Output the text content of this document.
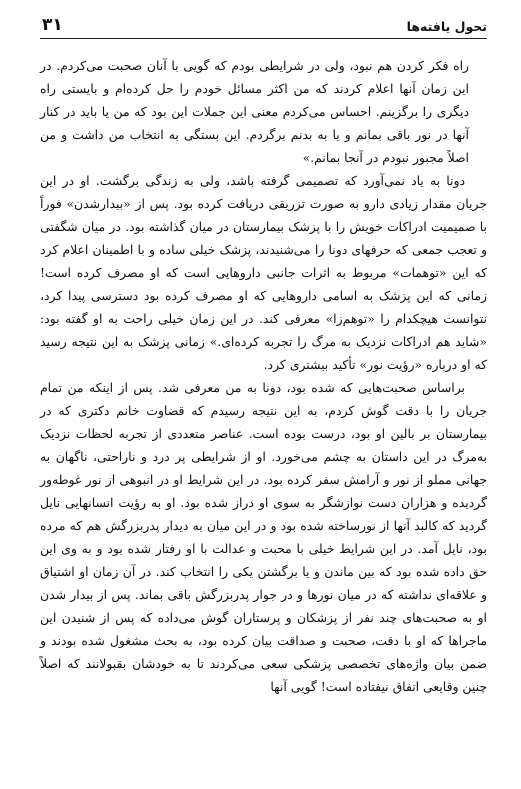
تحول یافته‌ها
۳۱

راه فکر کردن هم نبود، ولی در شرایطی بودم که گویی با آنان صحبت می‌کردم. در این زمان آنها اعلام کردند که من اکثر مسائل خودم را حل کرده‌ام و بایستی راه دیگری را برگزینم. احساس می‌کردم معنی این جملات این بود که من یا باید در کنار آنها در نور باقی بمانم و یا به بدنم برگردم. این بستگی به انتخاب من داشت و من اصلاً مجبور نبودم در آنجا بمانم.»

دونا به یاد نمی‌آورد که تصمیمی گرفته باشد، ولی به زندگی برگشت. او در این جریان مقدار زیادی دارو به صورت تزریقی دریافت کرده بود. پس از «بیدارشدن» فوراً با صمیمیت ادراکات خویش را با پزشک بیمارستان در میان گذاشته بود. در میان شگفتی و تعجب جمعی که حرفهای دونا را می‌شنیدند، پزشک خیلی ساده و با اطمینان اعلام کرد که این «توهمات» مربوط به اثرات جانبی داروهایی است که او مصرف کرده است! زمانی که این پزشک به اسامی داروهایی که او مصرف کرده بود دسترسی پیدا کرد، نتوانست هیچکدام را «توهم‌زا» معرفی کند. در این زمان خیلی راحت به او گفته بود: «شاید هم ادراکات نزدیک به مرگ را تجربه کرده‌ای.» زمانی پزشک به این نتیجه رسید که او درباره «رؤیت نور» تأکید بیشتری کرد.

براساس صحبت‌هایی که شده بود، دونا به من معرفی شد. پس از اینکه من تمام جریان را با دقت گوش کردم، به این نتیجه رسیدم که قضاوت خانم دکتری که در بیمارستان بر بالین او بود، درست بوده است. عناصر متعددی از تجربه لحظات نزدیک به‌مرگ در این داستان به چشم می‌خورد. او از شرایطی پر درد و ناراحتی، ناگهان به جهانی مملو از نور و آرامش سفر کرده بود. در این شرایط او در انبوهی از نور غوطه‌ور گردیده و هزاران دست نوازشگر به سوی او دراز شده بود. او به رؤیت انسانهایی نایل گردید که کالبد آنها از نورساخته شده بود و در این میان به دیدار پدربزرگش هم که مرده بود، نایل آمد. در این شرایط خیلی با محبت و عدالت با او رفتار شده بود و به وی این حق داده شده بود که بین ماندن و یا برگشتن یکی را انتخاب کند. در آن زمان او اشتیاق و علاقه‌ای نداشته که در میان نورها و در جوار پدربزرگش باقی بماند. پس از بیدار شدن او به صحبت‌های چند نفر از پزشکان و پرستاران گوش می‌داده که پس از شنیدن این ماجراها که او با دقت، صحبت و صداقت بیان کرده بود، به بحث مشغول شده بودند و ضمن بیان واژه‌های تخصصی پزشکی سعی می‌کردند تا به خودشان بقبولانند که اصلاً چنین وقایعی اتفاق نیفتاده است! گویی آنها
